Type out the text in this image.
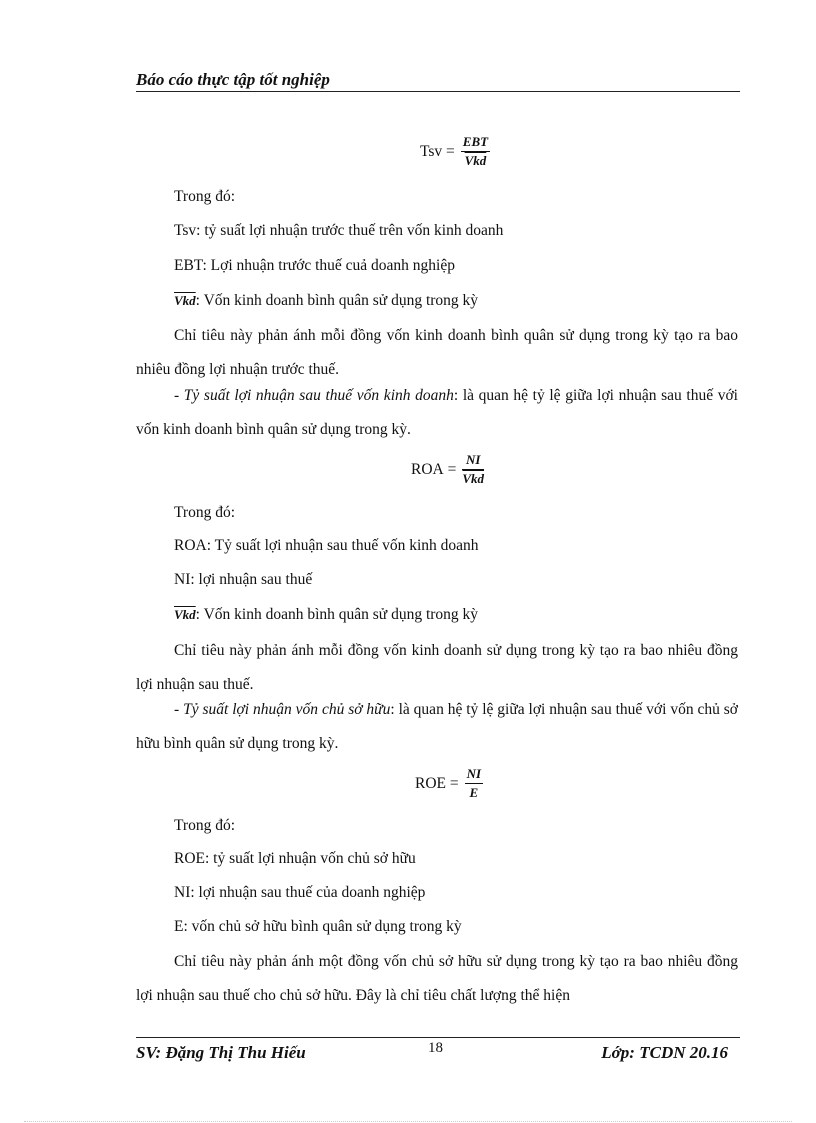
Báo cáo thực tập tốt nghiệp
Tsv
= $\frac{\text{EBT}}{\text{Vkd}}$
Trong đó:
Tsv: tỷ suất lợi nhuận trước thuế trên vốn kinh doanh
EBT: Lợi nhuận trước thuế cuả doanh nghiệp
$\overline{Vkd}$: Vốn kinh doanh bình quân sử dụng trong kỳ
Chỉ tiêu này phản ánh mỗi đồng vốn kinh doanh bình quân sử dụng trong kỳ tạo ra bao nhiêu đồng lợi nhuận trước thuế.
- Tỷ suất lợi nhuận sau thuế vốn kinh doanh: là quan hệ tỷ lệ giữa lợi nhuận sau thuế với vốn kinh doanh bình quân sử dụng trong kỳ.
ROA
= $\frac{NI}{\text{Vkd}}$
Trong đó:
ROA: Tỷ suất lợi nhuận sau thuế vốn kinh doanh
NI: lợi nhuận sau thuế
$\overline{Vkd}$: Vốn kinh doanh bình quân sử dụng trong kỳ
Chỉ tiêu này phản ánh mỗi đồng vốn kinh doanh sử dụng trong kỳ tạo ra bao nhiêu đồng lợi nhuận sau thuế.
- Tỷ suất lợi nhuận vốn chủ sở hữu: là quan hệ tỷ lệ giữa lợi nhuận sau thuế với vốn chủ sở hữu bình quân sử dụng trong kỳ.
ROE
= $\frac{NI}{E}$
Trong đó:
ROE: tỷ suất lợi nhuận vốn chủ sở hữu
NI: lợi nhuận sau thuế của doanh nghiệp
E: vốn chủ sở hữu bình quân sử dụng trong kỳ
Chỉ tiêu này phản ánh một đồng vốn chủ sở hữu sử dụng trong kỳ tạo ra bao nhiêu đồng lợi nhuận sau thuế cho chủ sở hữu. Đây là chỉ tiêu chất lượng thể hiện
SV: Đặng Thị Thu Hiếu	18	Lớp: TCDN 20.16
